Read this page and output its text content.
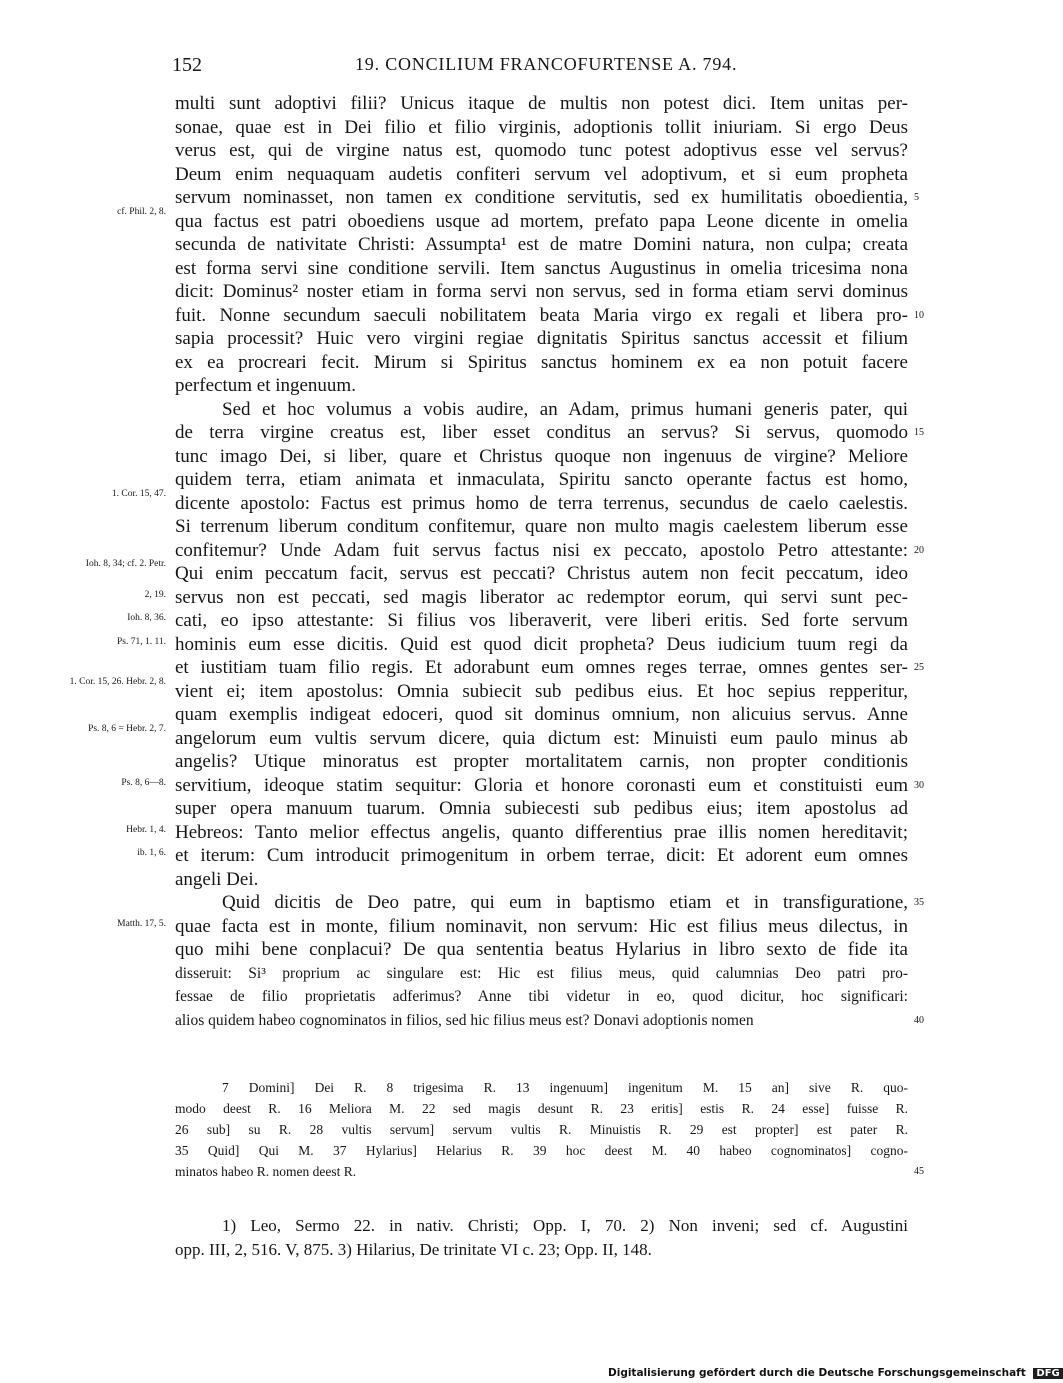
152	19. CONCILIUM FRANCOFURTENSE A. 794.
multi sunt adoptivi filii? Unicus itaque de multis non potest dici. Item unitas per-
sonae, quae est in Dei filio et filio virginis, adoptionis tollit iniuriam. Si ergo Deus
verus est, qui de virgine natus est, quomodo tunc potest adoptivus esse vel servus?
Deum enim nequaquam audetis confiteri servum vel adoptivum, et si eum propheta
servum nominasset, non tamen ex conditione servitutis, sed ex humilitatis oboedientia, 5
cf. Phil. 2, 8. qua factus est patri oboediens usque ad mortem, prefato papa Leone dicente in omelia
secunda de nativitate Christi: Assumpta¹ est de matre Domini natura, non culpa; creata
est forma servi sine conditione servili. Item sanctus Augustinus in omelia tricesima nona
dicit: Dominus² noster etiam in forma servi non servus, sed in forma etiam servi dominus
fuit. Nonne secundum saeculi nobilitatem beata Maria virgo ex regali et libera pro- 10
sapia processit? Huic vero virgini regiae dignitatis Spiritus sanctus accessit et filium
ex ea procreari fecit. Mirum si Spiritus sanctus hominem ex ea non potuit facere
perfectum et ingenuum.
Sed et hoc volumus a vobis audire, an Adam, primus humani generis pater, qui
de terra virgine creatus est, liber esset conditus an servus? Si servus, quomodo 15
tunc imago Dei, si liber, quare et Christus quoque non ingenuus de virgine? Meliore
quidem terra, etiam animata et inmaculata, Spiritu sancto operante factus est homo,
1. Cor. 15, 47. dicente apostolo: Factus est primus homo de terra terrenus, secundus de caelo caelestis.
Si terrenum liberum conditum confitemur, quare non multo magis caelestem liberum esse
confitemur? Unde Adam fuit servus factus nisi ex peccato, apostolo Petro attestante: 20
Ioh. 8, 34; cf. 2. Petr. Qui enim peccatum facit, servus est peccati? Christus autem non fecit peccatum, ideo
2, 19. servus non est peccati, sed magis liberator ac redemptor eorum, qui servi sunt pec-
Ioh. 8, 36. cati, eo ipso attestante: Si filius vos liberaverit, vere liberi eritis. Sed forte servum
Ps. 71, 1. 11. hominis eum esse dicitis. Quid est quod dicit propheta? Deus iudicium tuum regi da
et iustitiam tuam filio regis. Et adorabunt eum omnes reges terrae, omnes gentes ser- 25
1. Cor. 15, 26. Hebr. 2, 8. vient ei; item apostolus: Omnia subiecit sub pedibus eius. Et hoc sepius repperitur,
quam exemplis indigeat edoceri, quod sit dominus omnium, non alicuius servus. Anne
Ps. 8, 6 = Hebr. 2, 7. angelorum eum vultis servum dicere, quia dictum est: Minuisti eum paulo minus ab
angelis? Utique minoratus est propter mortalitatem carnis, non propter conditionis
Ps. 8, 6—8. servitium, ideoque statim sequitur: Gloria et honore coronasti eum et constituisti eum 30
super opera manuum tuarum. Omnia subiecesti sub pedibus eius; item apostolus ad
Hebr. 1, 4. Hebreos: Tanto melior effectus angelis, quanto differentius prae illis nomen hereditavit;
ib. 1, 6. et iterum: Cum introducit primogenitum in orbem terrae, dicit: Et adorent eum omnes
angeli Dei.
Quid dicitis de Deo patre, qui eum in baptismo etiam et in transfiguratione, 35
Matth. 17, 5. quae facta est in monte, filium nominavit, non servum: Hic est filius meus dilectus, in
quo mihi bene conplacui? De qua sententia beatus Hylarius in libro sexto de fide ita
disseruit: Si³ proprium ac singulare est: Hic est filius meus, quid calumnias Deo patri pro-
fessae de filio proprietatis adferimus? Anne tibi videtur in eo, quod dicitur, hoc significari:
alios quidem habeo cognominatos in filios, sed hic filius meus est? Donavi adoptionis nomen	40
7 Domini] Dei R. 8 trigesima R. 13 ingenuum] ingenitum M. 15 an] sive R. quo-
modo deest R. 16 Meliora M. 22 sed magis desunt R. 23 eritis] estis R. 24 esse] fuisse R.
26 sub] su R. 28 vultis servum] servum vultis R. Minuistis R. 29 est propter] est pater R.
35 Quid] Qui M. 37 Hylarius] Helarius R. 39 hoc deest M. 40 habeo cognominatos] cogno-
minatos habeo R. nomen deest R.	45
1) Leo, Sermo 22. in nativ. Christi; Opp. I, 70. 2) Non inveni; sed cf. Augustini
opp. III, 2, 516. V, 875. 3) Hilarius, De trinitate VI c. 23; Opp. II, 148.
Digitalisierung gefördert durch die Deutsche Forschungsgemeinschaft DFG
